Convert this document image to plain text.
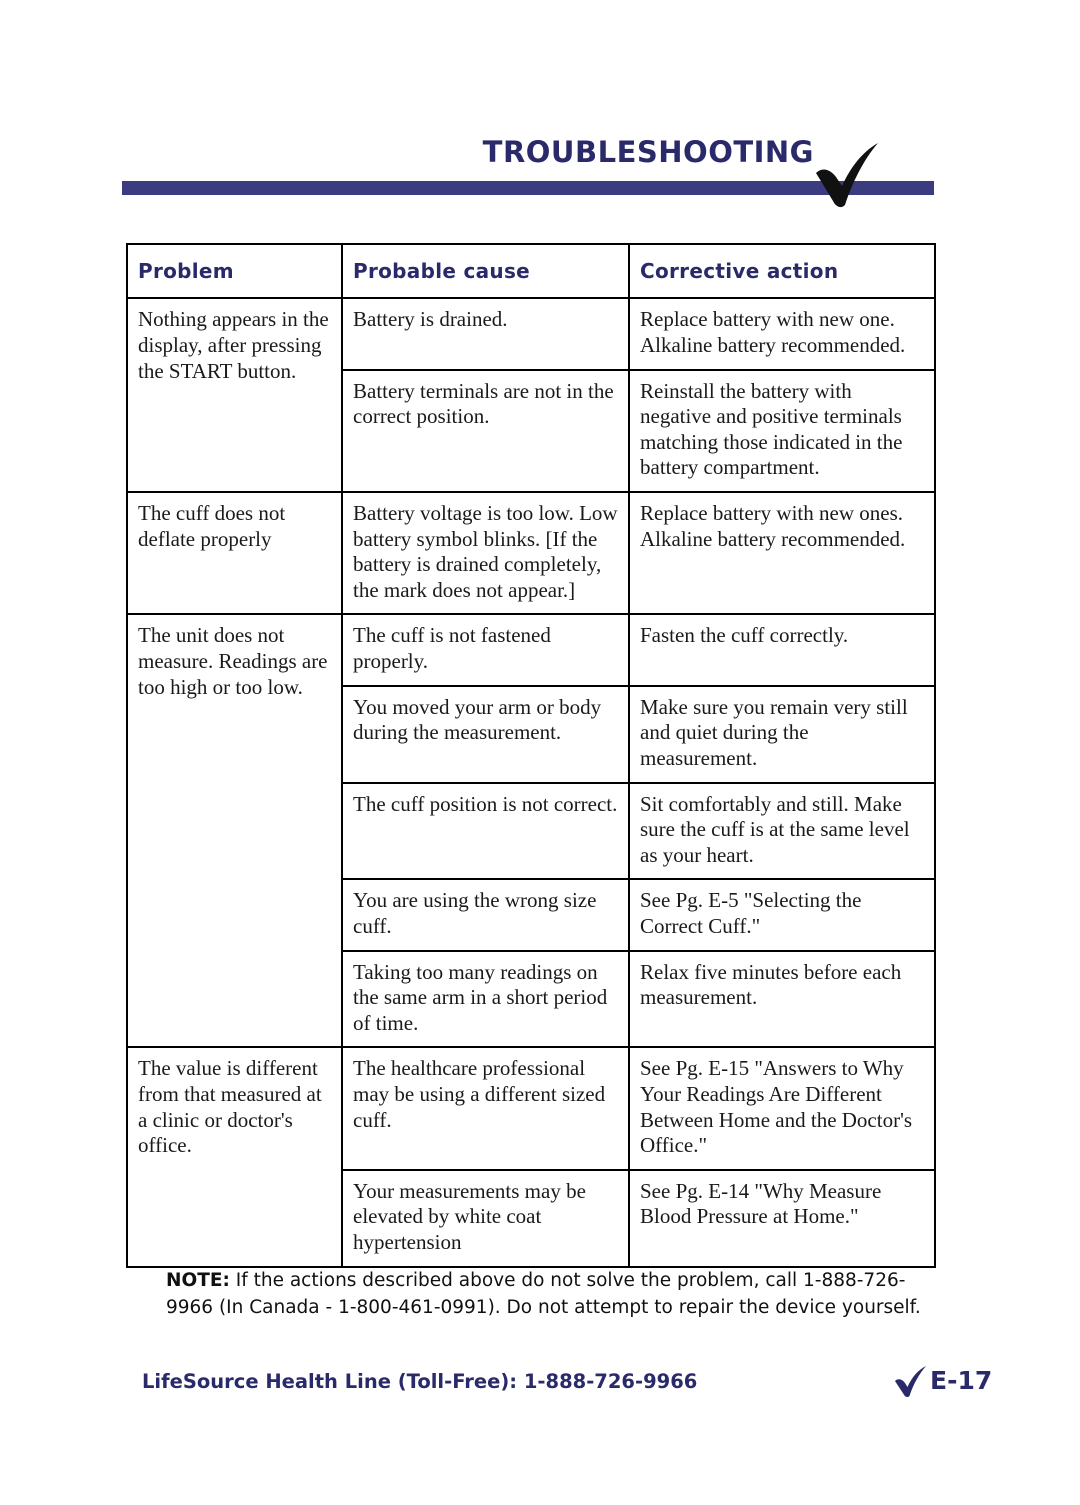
TROUBLESHOOTING
Problem	Probable cause	Corrective action
Nothing appears in the display, after pressing the START button.	Battery is drained.	Replace battery with new one. Alkaline battery recommended.
	Battery terminals are not in the correct position.	Reinstall the battery with negative and positive terminals matching those indicated in the battery compartment.
The cuff does not deflate properly	Battery voltage is too low. Low battery symbol blinks. [If the battery is drained completely, the mark does not appear.]	Replace battery with new ones. Alkaline battery recommended.
The unit does not measure. Readings are too high or too low.	The cuff is not fastened properly.	Fasten the cuff correctly.
	You moved your arm or body during the measurement.	Make sure you remain very still and quiet during the measurement.
	The cuff position is not correct.	Sit comfortably and still. Make sure the cuff is at the same level as your heart.
	You are using the wrong size cuff.	See Pg. E-5 "Selecting the Correct Cuff."
	Taking too many readings on the same arm in a short period of time.	Relax five minutes before each measurement.
The value is different from that measured at a clinic or doctor's office.	The healthcare professional may be using a different sized cuff.	See Pg. E-15 "Answers to Why Your Readings Are Different Between Home and the Doctor's Office."
	Your measurements may be elevated by white coat hypertension	See Pg. E-14 "Why Measure Blood Pressure at Home."
NOTE: If the actions described above do not solve the problem, call 1-888-726-9966 (In Canada - 1-800-461-0991). Do not attempt to repair the device yourself.
LifeSource Health Line (Toll-Free): 1-888-726-9966	E-17
